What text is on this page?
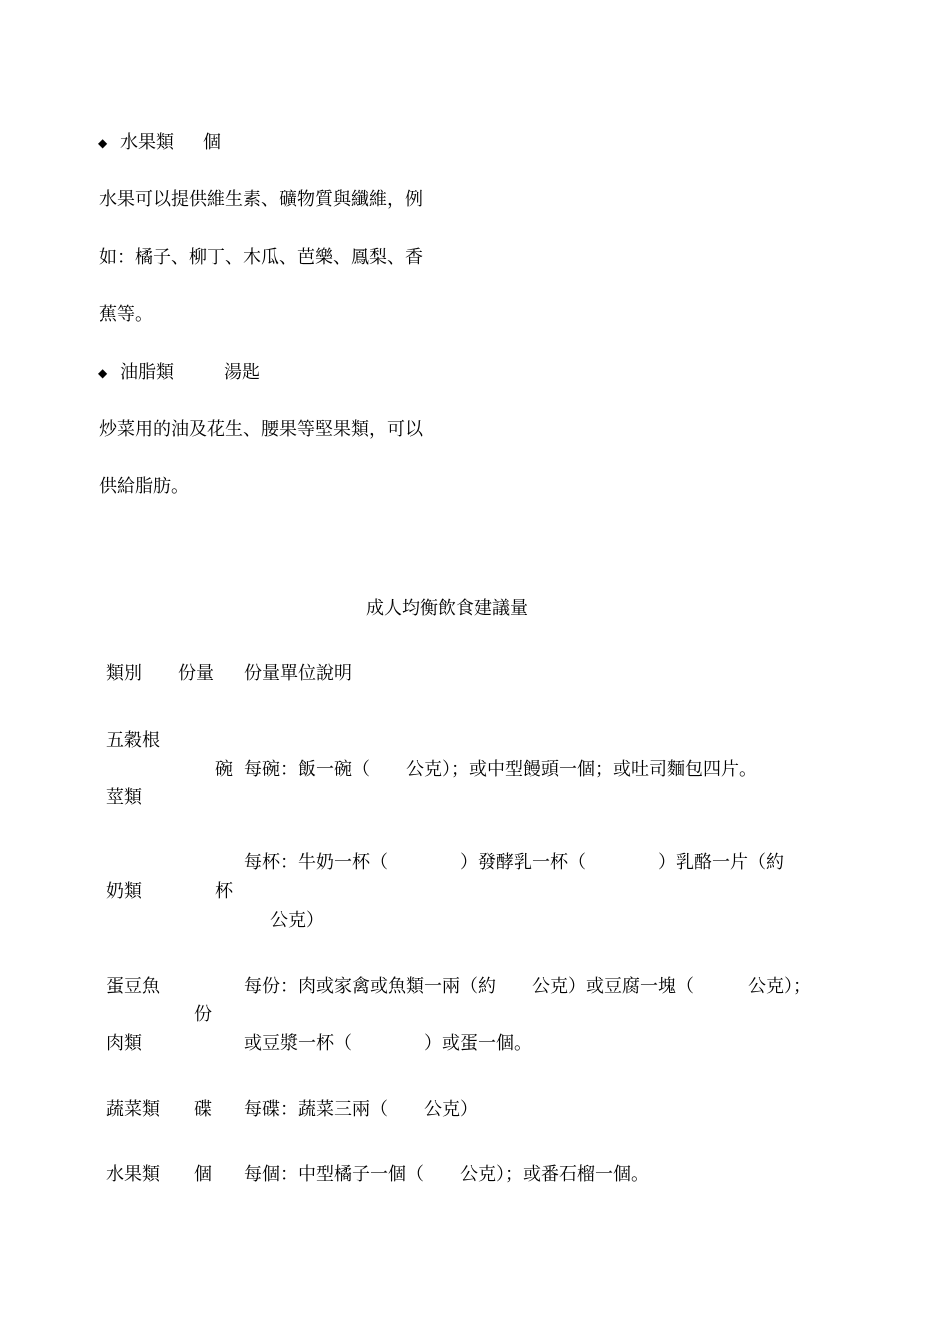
◆ 水果類 個
水果可以提供維生素、礦物質與纖維，例
如：橘子、柳丁、木瓜、芭樂、鳳梨、香
蕉等。
◆ 油脂類	湯匙
炒菜用的油及花生、腰果等堅果類，可以
供給脂肪。
成人均衡飲食建議量
類別 份量 份量單位說明
五穀根
莖類
碗 每碗：飯一碗（　　公克）；或中型饅頭一個；或吐司麵包四片。
奶類	杯
每杯：牛奶一杯（　　　　）發酵乳一杯（　　　　）乳酪一片（約
公克）
蛋豆魚
肉類
份
每份：肉或家禽或魚類一兩（約　　公克）或豆腐一塊（　　　公克）；
或豆漿一杯（　　　　）或蛋一個。
蔬菜類 碟 每碟：蔬菜三兩（　　公克）
水果類 個 每個：中型橘子一個（　　公克）；或番石榴一個。
